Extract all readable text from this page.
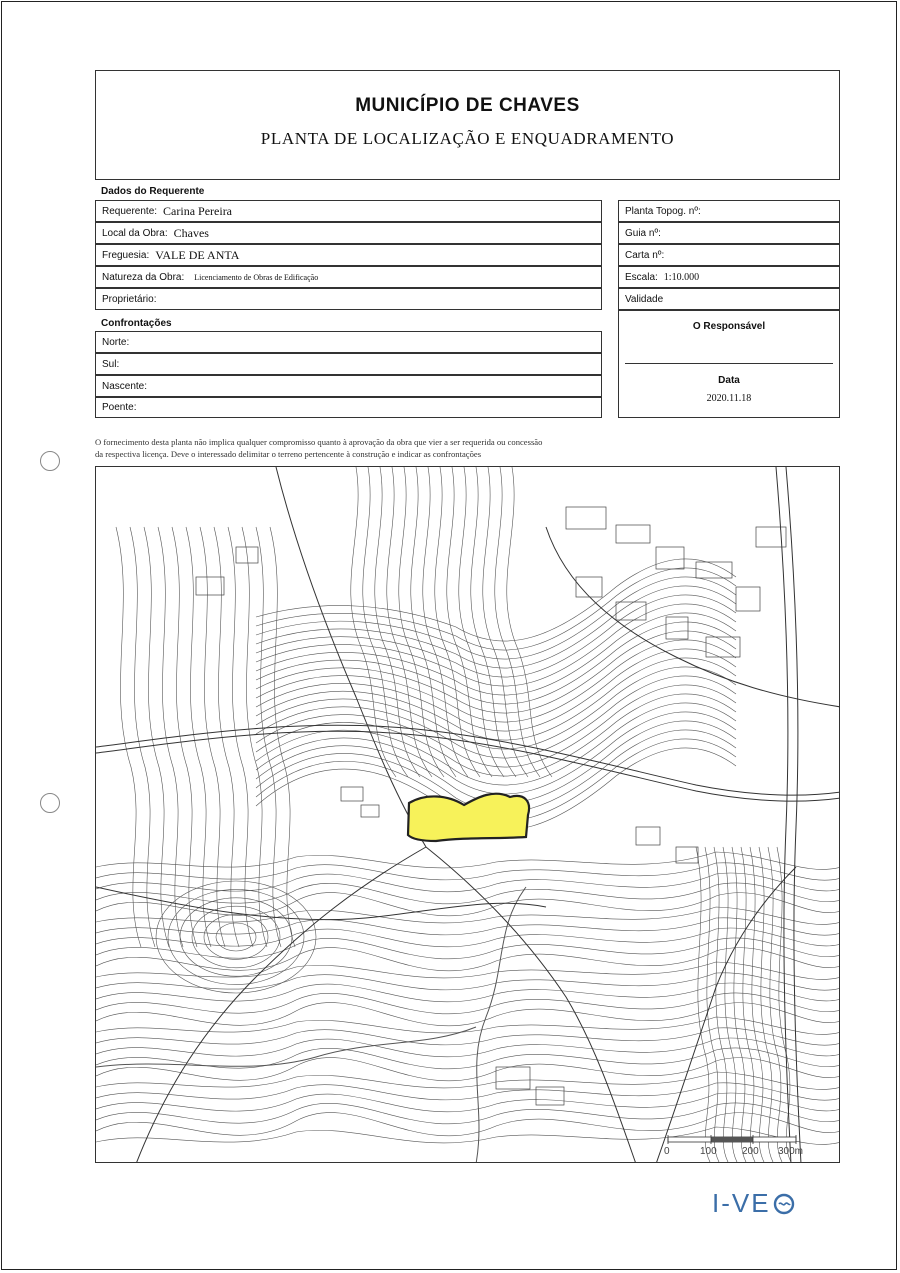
MUNICÍPIO DE CHAVES
PLANTA DE LOCALIZAÇÃO E ENQUADRAMENTO
Dados do Requerente
Requerente: Carina Pereira
Local da Obra: Chaves
Freguesia: VALE DE ANTA
Natureza da Obra: Licenciamento de Obras de Edificação
Proprietário:
Planta Topog. nº:
Guia nº:
Carta nº:
Escala: 1:10.000
Validade
Confrontações
Norte:
Sul:
Nascente:
Poente:
O Responsável
Data
2020.11.18
O fornecimento desta planta não implica qualquer compromisso quanto à aprovação da obra que vier a ser requerida ou concessão
da respectiva licença. Deve o interessado delimitar o terreno pertencente à construção e indicar as confrontações
0	100	200 300m
I-VE
